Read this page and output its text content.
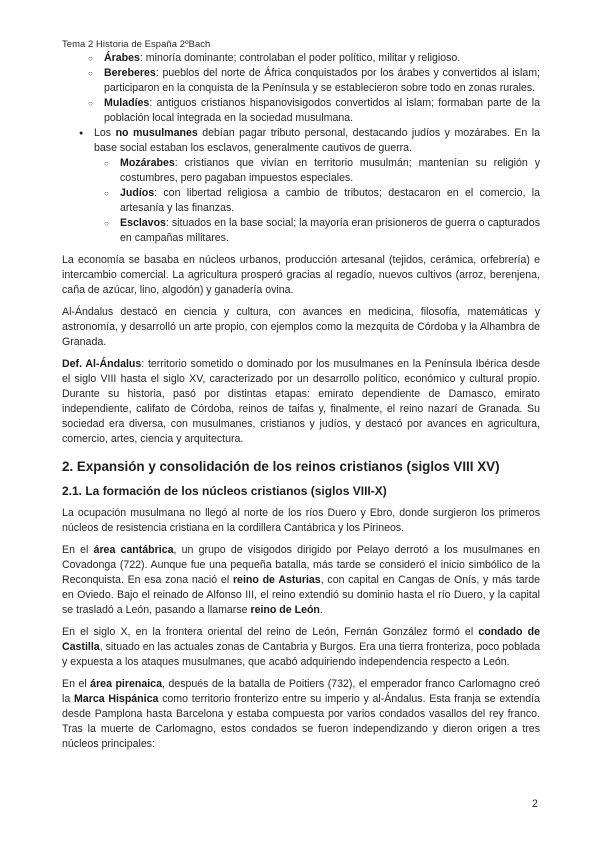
Tema 2 Historia de España 2ºBach
○ Árabes: minoría dominante; controlaban el poder político, militar y religioso.
○ Bereberes: pueblos del norte de África conquistados por los árabes y convertidos al islam; participaron en la conquista de la Península y se establecieron sobre todo en zonas rurales.
○ Muladíes: antiguos cristianos hispanovisigodos convertidos al islam; formaban parte de la población local integrada en la sociedad musulmana.
● Los no musulmanes debían pagar tributo personal, destacando judíos y mozárabes. En la base social estaban los esclavos, generalmente cautivos de guerra.
○ Mozárabes: cristianos que vivían en territorio musulmán; mantenían su religión y costumbres, pero pagaban impuestos especiales.
○ Judíos: con libertad religiosa a cambio de tributos; destacaron en el comercio, la artesanía y las finanzas.
○ Esclavos: situados en la base social; la mayoría eran prisioneros de guerra o capturados en campañas militares.

La economía se basaba en núcleos urbanos, producción artesanal (tejidos, cerámica, orfebrería) e intercambio comercial. La agricultura prosperó gracias al regadío, nuevos cultivos (arroz, berenjena, caña de azúcar, lino, algodón) y ganadería ovina.

Al-Ándalus destacó en ciencia y cultura, con avances en medicina, filosofía, matemáticas y astronomía, y desarrolló un arte propio, con ejemplos como la mezquita de Córdoba y la Alhambra de Granada.

Def. Al-Ándalus: territorio sometido o dominado por los musulmanes en la Península Ibérica desde el siglo VIII hasta el siglo XV, caracterizado por un desarrollo político, económico y cultural propio. Durante su historia, pasó por distintas etapas: emirato dependiente de Damasco, emirato independiente, califato de Córdoba, reinos de taifas y, finalmente, el reino nazarí de Granada. Su sociedad era diversa, con musulmanes, cristianos y judíos, y destacó por avances en agricultura, comercio, artes, ciencia y arquitectura.

2. Expansión y consolidación de los reinos cristianos (siglos VIII XV)
2.1. La formación de los núcleos cristianos (siglos VIII-X)

La ocupación musulmana no llegó al norte de los ríos Duero y Ebro, donde surgieron los primeros núcleos de resistencia cristiana en la cordillera Cantábrica y los Pirineos.

En el área cantábrica, un grupo de visigodos dirigido por Pelayo derrotó a los musulmanes en Covadonga (722). Aunque fue una pequeña batalla, más tarde se consideró el inicio simbólico de la Reconquista. En esa zona nació el reino de Asturias, con capital en Cangas de Onís, y más tarde en Oviedo. Bajo el reinado de Alfonso III, el reino extendió su dominio hasta el río Duero, y la capital se trasladó a León, pasando a llamarse reino de León.

En el siglo X, en la frontera oriental del reino de León, Fernán González formó el condado de Castilla, situado en las actuales zonas de Cantabria y Burgos. Era una tierra fronteriza, poco poblada y expuesta a los ataques musulmanes, que acabó adquiriendo independencia respecto a León.

En el área pirenaica, después de la batalla de Poitiers (732), el emperador franco Carlomagno creó la Marca Hispánica como territorio fronterizo entre su imperio y al-Ándalus. Esta franja se extendía desde Pamplona hasta Barcelona y estaba compuesta por varios condados vasallos del rey franco. Tras la muerte de Carlomagno, estos condados se fueron independizando y dieron origen a tres núcleos principales:

2
